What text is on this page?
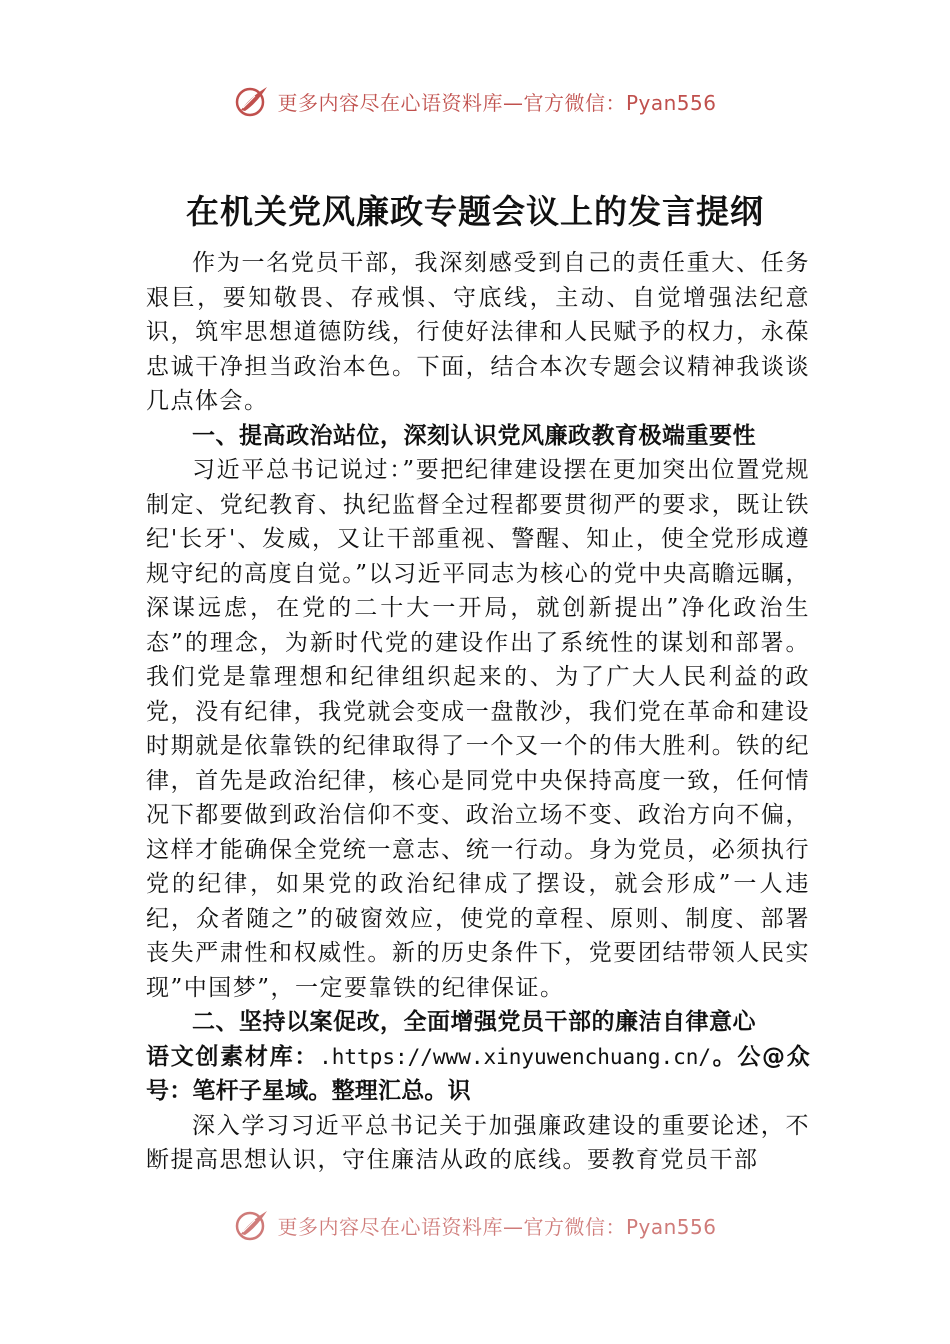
更多内容尽在心语资料库—官方微信：Pyan556
在机关党风廉政专题会议上的发言提纲

作为一名党员干部，我深刻感受到自己的责任重大、任务艰巨，要知敬畏、存戒惧、守底线，主动、自觉增强法纪意识，筑牢思想道德防线，行使好法律和人民赋予的权力，永葆忠诚干净担当政治本色。下面，结合本次专题会议精神我谈谈几点体会。

一、提高政治站位，深刻认识党风廉政教育极端重要性

习近平总书记说过：”要把纪律建设摆在更加突出位置党规制定、党纪教育、执纪监督全过程都要贯彻严的要求，既让铁纪'长牙'、发威，又让干部重视、警醒、知止，使全党形成遵规守纪的高度自觉。”以习近平同志为核心的党中央高瞻远瞩，深谋远虑，在党的二十大一开局，就创新提出”净化政治生态”的理念，为新时代党的建设作出了系统性的谋划和部署。我们党是靠理想和纪律组织起来的、为了广大人民利益的政党，没有纪律，我党就会变成一盘散沙，我们党在革命和建设时期就是依靠铁的纪律取得了一个又一个的伟大胜利。铁的纪律，首先是政治纪律，核心是同党中央保持高度一致，任何情况下都要做到政治信仰不变、政治立场不变、政治方向不偏，这样才能确保全党统一意志、统一行动。身为党员，必须执行党的纪律，如果党的政治纪律成了摆设，就会形成”一人违纪，众者随之”的破窗效应，使党的章程、原则、制度、部署丧失严肃性和权威性。新的历史条件下，党要团结带领人民实现”中国梦”，一定要靠铁的纪律保证。

二、坚持以案促改，全面增强党员干部的廉洁自律意心

语文创素材库：.https://www.xinyuwenchuang.cn/。公@众号：笔杆子星域。整理汇总。识

深入学习习近平总书记关于加强廉政建设的重要论述，不断提高思想认识，守住廉洁从政的底线。要教育党员干部

更多内容尽在心语资料库—官方微信：Pyan556
